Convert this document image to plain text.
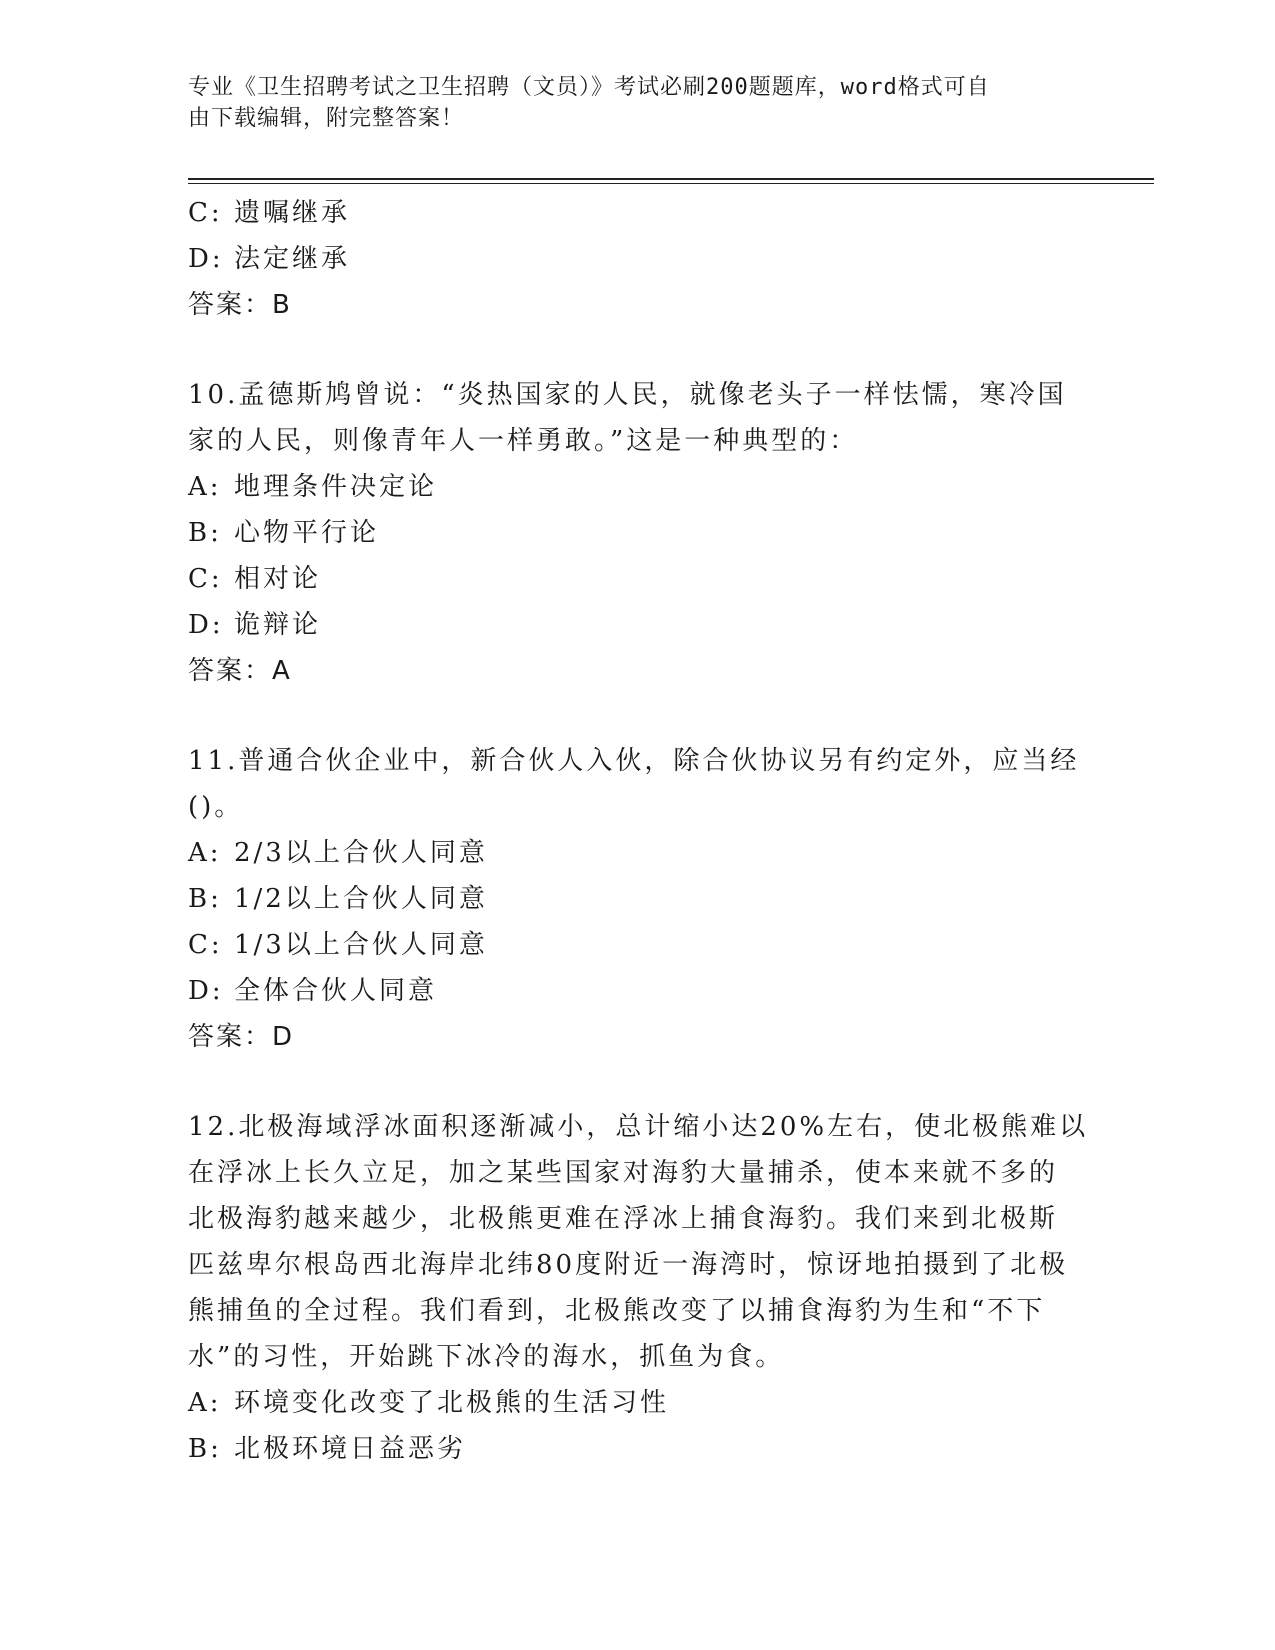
专业《卫生招聘考试之卫生招聘（文员）》考试必刷200题题库，word格式可自
由下载编辑，附完整答案！
C: 遗嘱继承
D: 法定继承
答案：B
10.孟德斯鸠曾说：“炎热国家的人民，就像老头子一样怯懦，寒冷国
家的人民，则像青年人一样勇敢。”这是一种典型的：
A: 地理条件决定论
B: 心物平行论
C: 相对论
D: 诡辩论
答案：A
11.普通合伙企业中，新合伙人入伙，除合伙协议另有约定外，应当经
()。
A: 2/3以上合伙人同意
B: 1/2以上合伙人同意
C: 1/3以上合伙人同意
D: 全体合伙人同意
答案：D
12.北极海域浮冰面积逐渐减小，总计缩小达20%左右，使北极熊难以
在浮冰上长久立足，加之某些国家对海豹大量捕杀，使本来就不多的
北极海豹越来越少，北极熊更难在浮冰上捕食海豹。我们来到北极斯
匹兹卑尔根岛西北海岸北纬80度附近一海湾时，惊讶地拍摄到了北极
熊捕鱼的全过程。我们看到，北极熊改变了以捕食海豹为生和“不下
水”的习性，开始跳下冰冷的海水，抓鱼为食。
A: 环境变化改变了北极熊的生活习性
B: 北极环境日益恶劣
